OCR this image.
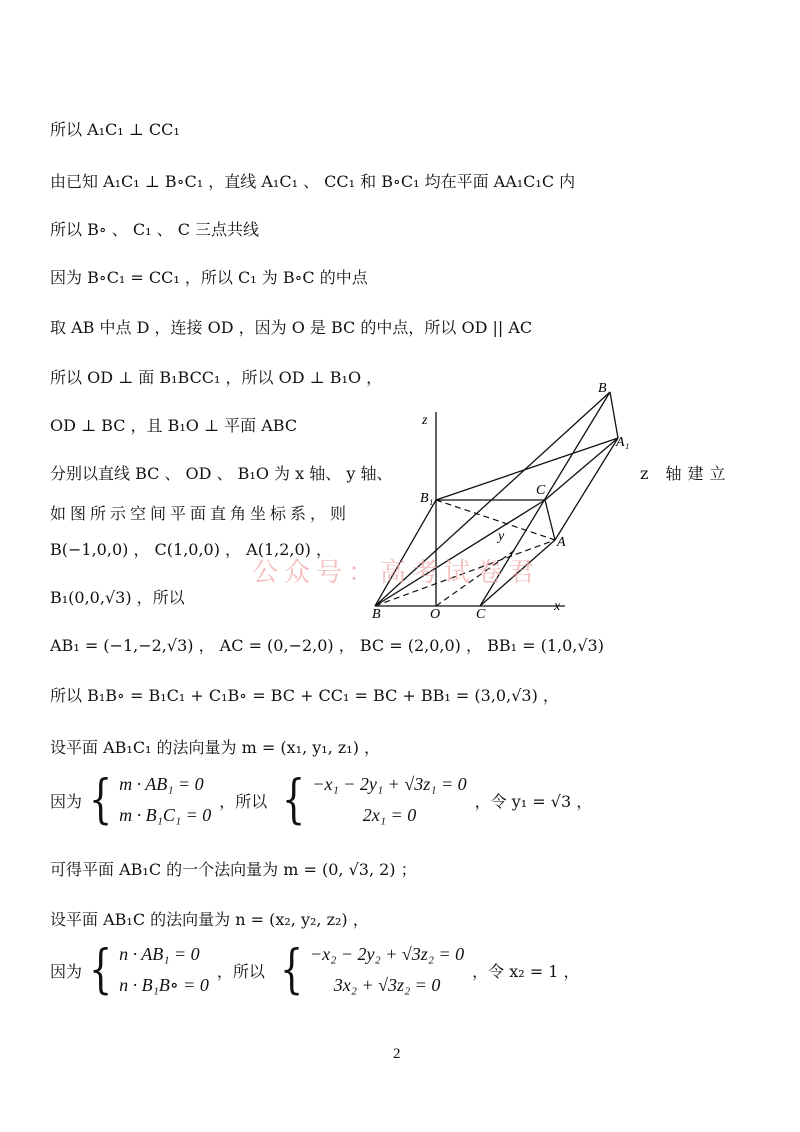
所以 A₁C₁ ⊥ CC₁
由已知 A₁C₁ ⊥ B∘C₁ ，直线 A₁C₁ 、 CC₁ 和 B∘C₁ 均在平面 AA₁C₁C 内
所以 B∘ 、 C₁ 、 C 三点共线
因为 B∘C₁ = CC₁ ，所以 C₁ 为 B∘C 的中点
取 AB 中点 D ，连接 OD ，因为 O 是 BC 的中点，所以 OD || AC
所以 OD ⊥ 面 B₁BCC₁ ，所以 OD ⊥ B₁O ，
OD ⊥ BC ，且 B₁O ⊥ 平面 ABC
分别以直线 BC 、 OD 、 B₁O 为 x 轴、 y 轴、	z 轴建立
如图所示空间平面直角坐标系，则
B(−1,0,0) ， C(1,0,0) ， A(1,2,0) ，
B₁(0,0,√3) ，所以
AB₁ = (−1,−2,√3) ， AC = (0,−2,0) ， BC = (2,0,0) ， BB₁ = (1,0,√3)
所以 B₁B∘ = B₁C₁ + C₁B∘ = BC + CC₁ = BC + BB₁ = (3,0,√3) ，
设平面 AB₁C₁ 的法向量为 m = (x₁, y₁, z₁) ，
因为 { m · AB₁ = 0
m · B₁C₁ = 0
，所以 { −x₁ − 2y₁ + √3z₁ = 0
2x₁ = 0
，令 y₁ = √3 ，
可得平面 AB₁C 的一个法向量为 m = (0, √3, 2) ；
设平面 AB₁C 的法向量为 n = (x₂, y₂, z₂) ，
因为 { n · AB₁ = 0
n · B₁B∘ = 0
，所以 { −x₂ − 2y₂ + √3z₂ = 0
3x₂ + √3z₂ = 0
，令 x₂ = 1 ，
z
y
x
B	O	C
A
B₁
C
A₁
B
公众号：高考试卷君
2
